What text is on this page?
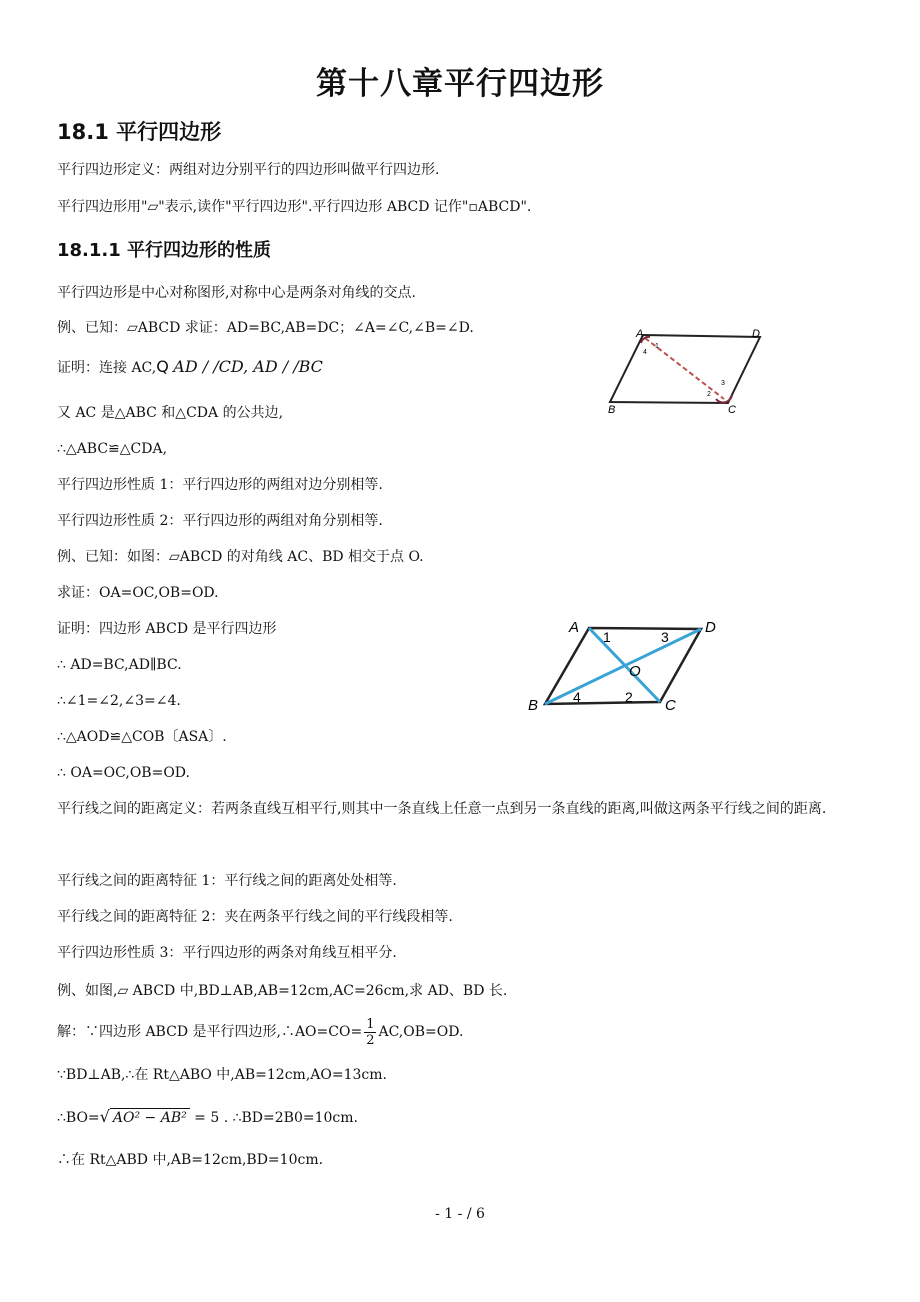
第十八章平行四边形
18.1 平行四边形
平行四边形定义：两组对边分别平行的四边形叫做平行四边形.
平行四边形用"▱"表示,读作"平行四边形".平行四边形 ABCD 记作"▫ABCD".
18.1.1 平行四边形的性质
平行四边形是中心对称图形,对称中心是两条对角线的交点.
例、已知：▱ABCD 求证：AD=BC,AB=DC；∠A=∠C,∠B=∠D.
证明：连接 AC,Q AD / /CD, AD / /BC
又 AC 是△ABC 和△CDA 的公共边,
∴△ABC≌△CDA,
平行四边形性质 1：平行四边形的两组对边分别相等.
平行四边形性质 2：平行四边形的两组对角分别相等.
例、已知：如图：▱ABCD 的对角线 AC、BD 相交于点 O.
求证：OA=OC,OB=OD.
证明：四边形 ABCD 是平行四边形
∴ AD=BC,AD∥BC.
∴∠1=∠2,∠3=∠4.
∴△AOD≌△COB〔ASA〕.
∴ OA=OC,OB=OD.
平行线之间的距离定义：若两条直线互相平行,则其中一条直线上任意一点到另一条直线的距离,叫做这两条平行线之间的距离.
平行线之间的距离特征 1：平行线之间的距离处处相等.
平行线之间的距离特征 2：夹在两条平行线之间的平行线段相等.
平行四边形性质 3：平行四边形的两条对角线互相平分.
例、如图,▱ ABCD 中,BD⊥AB,AB=12cm,AC=26cm,求 AD、BD 长.
解：∵四边形 ABCD 是平行四边形,∴AO=CO= $\frac{1}{2} AC,OB=OD$.
∵BD⊥AB,∴在 Rt△ABO 中,AB=12cm,AO=13cm.
∴BO=√ AO² − AB² = 5 . ∴BD=2B0=10cm.
∴在 Rt△ABD 中,AB=12cm,BD=10cm.
A	D
B	C
1
4
3
2
A	D
B	C
O
1	3
4	2
- 1 - / 6
